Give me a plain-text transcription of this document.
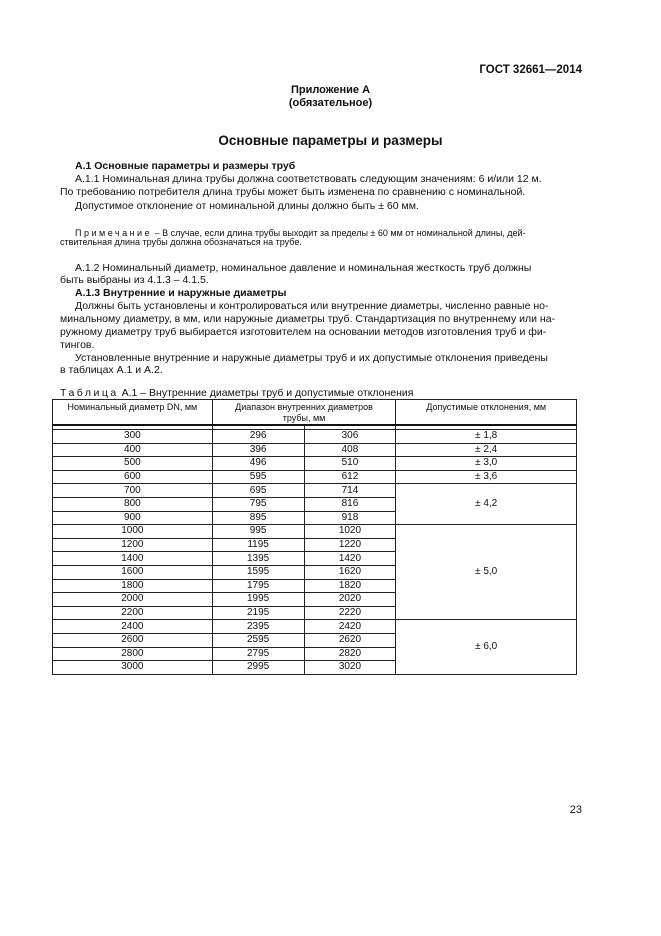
ГОСТ 32661—2014
Приложение А
(обязательное)
Основные параметры и размеры
А.1 Основные параметры и размеры труб
А.1.1 Номинальная длина трубы должна соответствовать следующим значениям: 6 и/или 12 м.
По требованию потребителя длина трубы может быть изменена по сравнению с номинальной.
Допустимое отклонение от номинальной длины должно быть ± 60 мм.
Примечание – В случае, если длина трубы выходит за пределы ± 60 мм от номинальной длины, дей-
ствительная длина трубы должна обозначаться на трубе.
А.1.2 Номинальный диаметр, номинальное давление и номинальная жесткость труб должны
быть выбраны из 4.1.3 – 4.1.5.
А.1.3 Внутренние и наружные диаметры
Должны быть установлены и контролироваться или внутренние диаметры, численно равные но-
минальному диаметру, в мм, или наружные диаметры труб. Стандартизация по внутреннему или на-
ружному диаметру труб выбирается изготовителем на основании методов изготовления труб и фи-
тингов.
Установленные внутренние и наружные диаметры труб и их допустимые отклонения приведены
в таблицах А.1 и А.2.
Таблица А.1 – Внутренние диаметры труб и допустимые отклонения
Номинальный диаметр DN, мм	Диапазон внутренних диаметров
трубы, мм		Допустимые отклонения, мм

300	296	306	± 1,8
400	396	408	± 2,4
500	496	510	± 3,0
600	595	612	± 3,6
700	695	714	± 4,2
800	795	816	
900	895	918	
1000	995	1020	± 5,0
1200	1195	1220	
1400	1395	1420	
1600	1595	1620	
1800	1795	1820	
2000	1995	2020	
2200	2195	2220	
2400	2395	2420	± 6,0
2600	2595	2620	
2800	2795	2820	
3000	2995	3020	
23
